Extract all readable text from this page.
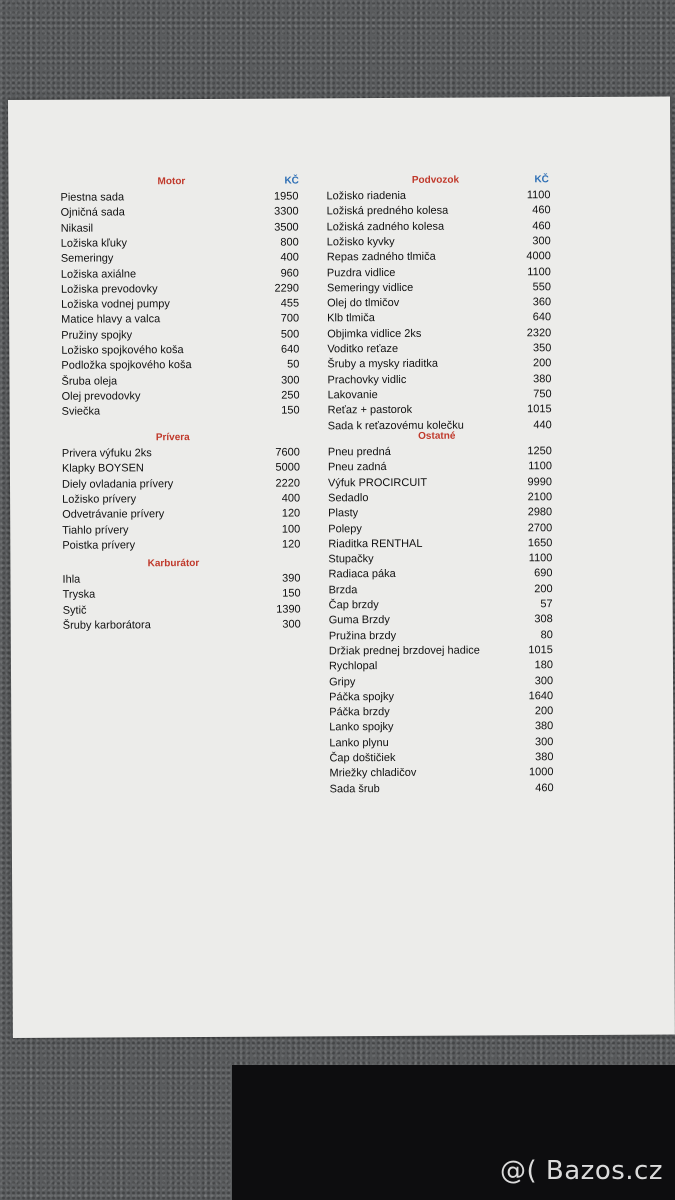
Motor	KČ
Piestna sada	1950
Ojničná sada	3300
Nikasil	3500
Ložiska kľuky	800
Semeringy	400
Ložiska axiálne	960
Ložiska prevodovky	2290
Ložiska vodnej pumpy	455
Matice hlavy a valca	700
Pružiny spojky	500
Ložisko spojkového koša	640
Podložka spojkového koša	50
Šruba oleja	300
Olej prevodovky	250
Sviečka	150
Prívera
Privera výfuku 2ks	7600
Klapky BOYSEN	5000
Diely ovladania prívery	2220
Ložisko prívery	400
Odvetrávanie prívery	120
Tiahlo prívery	100
Poistka prívery	120
Karburátor
Ihla	390
Tryska	150
Sytič	1390
Šruby karborátora	300
Podvozok	KČ
Ložisko riadenia	1100
Ložiská predného kolesa	460
Ložiská zadného kolesa	460
Ložisko kyvky	300
Repas zadného tlmiča	4000
Puzdra vidlice	1100
Semeringy vidlice	550
Olej do tlmičov	360
Klb tlmiča	640
Objimka vidlice 2ks	2320
Voditko reťaze	350
Šruby a mysky riaditka	200
Prachovky vidlic	380
Lakovanie	750
Reťaz + pastorok	1015
Sada k reťazovému kolečku	440
Ostatné
Pneu predná	1250
Pneu zadná	1100
Výfuk PROCIRCUIT	9990
Sedadlo	2100
Plasty	2980
Polepy	2700
Riaditka RENTHAL	1650
Stupačky	1100
Radiaca páka	690
Brzda	200
Čap brzdy	57
Guma Brzdy	308
Pružina brzdy	80
Držiak prednej brzdovej hadice	1015
Rychlopal	180
Gripy	300
Páčka spojky	1640
Páčka brzdy	200
Lanko spojky	380
Lanko plynu	300
Čap doštičiek	380
Mriežky chladičov	1000
Sada šrub	460
@( Bazos.cz
